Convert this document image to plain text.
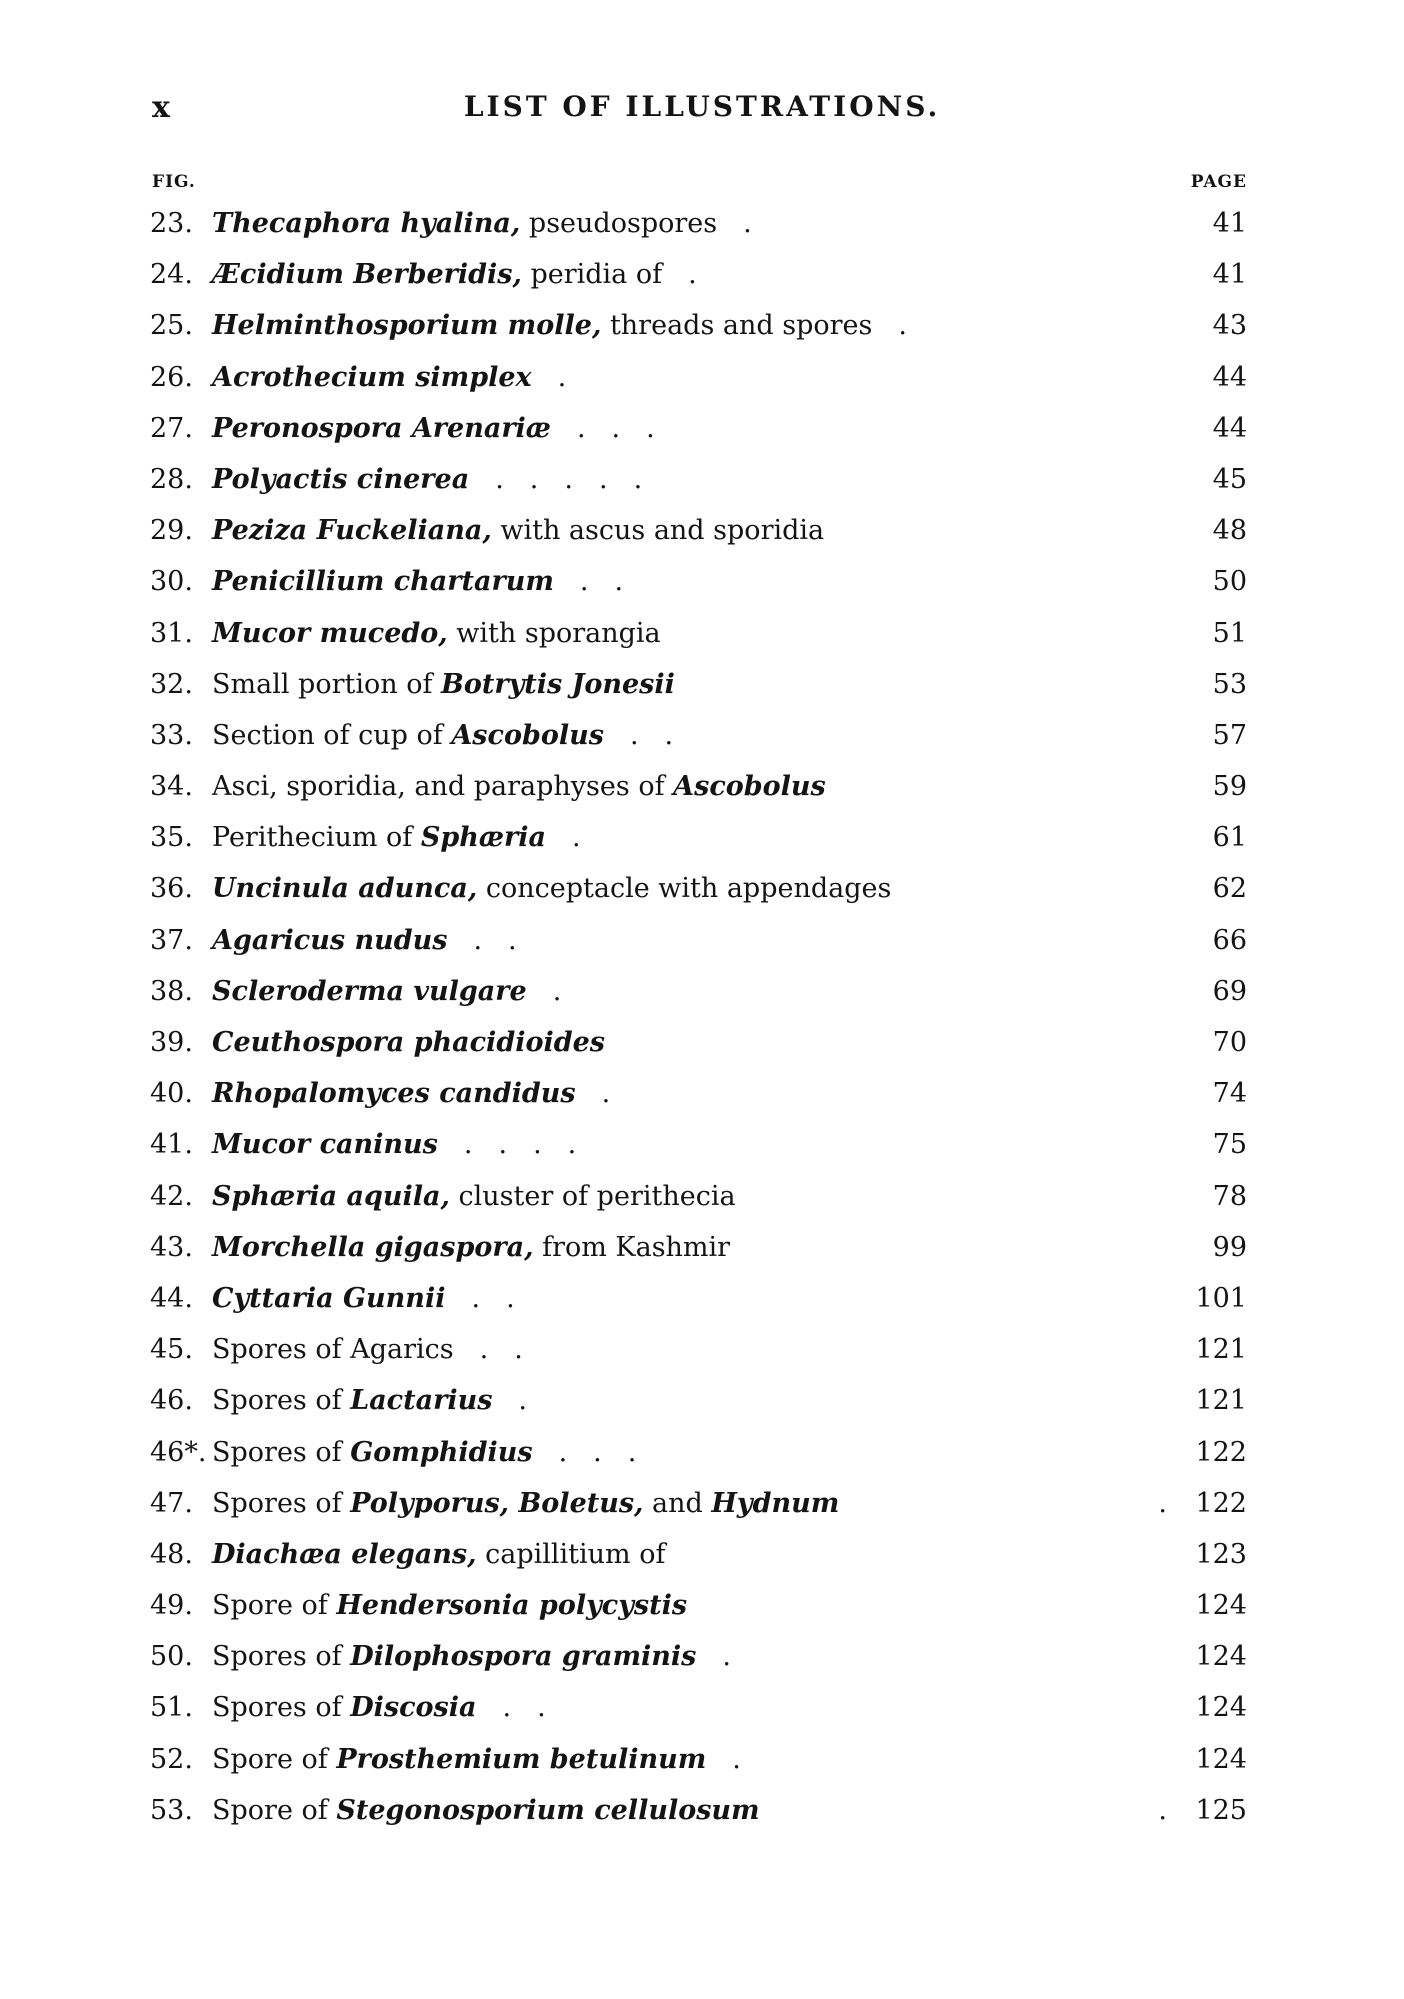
x	LIST OF ILLUSTRATIONS.
FIG.	PAGE
23. Thecaphora hyalina, pseudospores .	41
24. Æcidium Berberidis, peridia of .	41
25. Helminthosporium molle, threads and spores .	43
26. Acrothecium simplex .	44
27. Peronospora Arenariæ . . .	44
28. Polyactis cinerea . . . . .	45
29. Peziza Fuckeliana, with ascus and sporidia	48
30. Penicillium chartarum . .	50
31. Mucor mucedo, with sporangia	51
32. Small portion of Botrytis Jonesii	53
33. Section of cup of Ascobolus . .	57
34. Asci, sporidia, and paraphyses of Ascobolus	59
35. Perithecium of Sphæria .	61
36. Uncinula adunca, conceptacle with appendages	62
37. Agaricus nudus . .	66
38. Scleroderma vulgare .	69
39. Ceuthospora phacidioides	70
40. Rhopalomyces candidus .	74
41. Mucor caninus . . . .	75
42. Sphæria aquila, cluster of perithecia	78
43. Morchella gigaspora, from Kashmir	99
44. Cyttaria Gunnii . .	101
45. Spores of Agarics . .	121
46. Spores of Lactarius .	121
46*. Spores of Gomphidius . . .	122
47. Spores of Polyporus, Boletus, and Hydnum	.	122
48. Diachæa elegans, capillitium of	123
49. Spore of Hendersonia polycystis	124
50. Spores of Dilophospora graminis .	124
51. Spores of Discosia . .	124
52. Spore of Prosthemium betulinum .	124
53. Spore of Stegonosporium cellulosum	.	125
